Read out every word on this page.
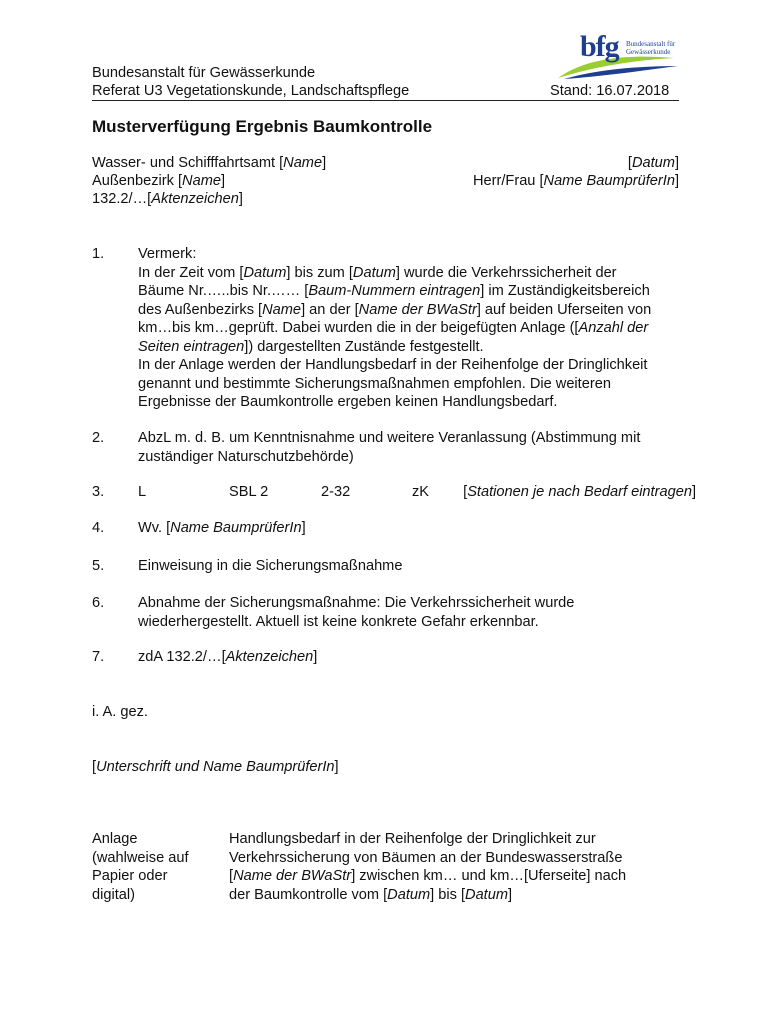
Bundesanstalt für Gewässerkunde
Referat U3 Vegetationskunde, Landschaftspflege	Stand: 16.07.2018
bfg Bundesanstalt für
Gewässerkunde
Musterverfügung Ergebnis Baumkontrolle
Wasser- und Schifffahrtsamt [Name]
Außenbezirk [Name]
132.2/…[Aktenzeichen]
[Datum]
Herr/Frau [Name BaumprüferIn]
1. Vermerk:
In der Zeit vom [Datum] bis zum [Datum] wurde die Verkehrssicherheit der
Bäume Nr.…..bis Nr.…… [Baum-Nummern eintragen] im Zuständigkeitsbereich
des Außenbezirks [Name] an der [Name der BWaStr] auf beiden Uferseiten von
km…bis km…geprüft. Dabei wurden die in der beigefügten Anlage ([Anzahl der
Seiten eintragen]) dargestellten Zustände festgestellt.
In der Anlage werden der Handlungsbedarf in der Reihenfolge der Dringlichkeit
genannt und bestimmte Sicherungsmaßnahmen empfohlen. Die weiteren
Ergebnisse der Baumkontrolle ergeben keinen Handlungsbedarf.
2. AbzL m. d. B. um Kenntnisnahme und weitere Veranlassung (Abstimmung mit
zuständiger Naturschutzbehörde)
3. L	SBL 2	2-32	zK [Stationen je nach Bedarf eintragen]
4. Wv. [Name BaumprüferIn]
5. Einweisung in die Sicherungsmaßnahme
6. Abnahme der Sicherungsmaßnahme: Die Verkehrssicherheit wurde
wiederhergestellt. Aktuell ist keine konkrete Gefahr erkennbar.
7. zdA 132.2/…[Aktenzeichen]
i. A. gez.
[Unterschrift und Name BaumprüferIn]
Anlage
(wahlweise auf
Papier oder
digital)
Handlungsbedarf in der Reihenfolge der Dringlichkeit zur
Verkehrssicherung von Bäumen an der Bundeswasserstraße
[Name der BWaStr] zwischen km… und km…[Uferseite] nach
der Baumkontrolle vom [Datum] bis [Datum]
